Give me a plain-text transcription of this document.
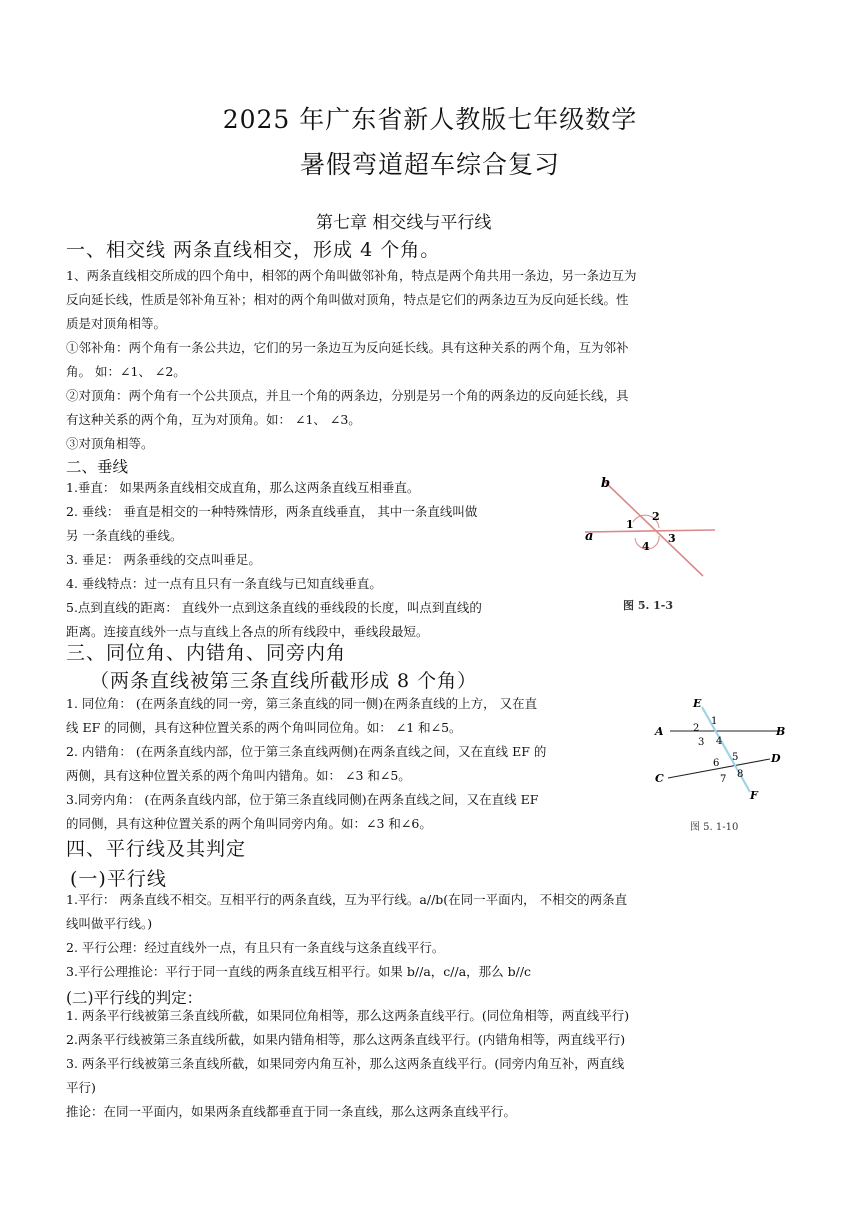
2025 年广东省新人教版七年级数学
暑假弯道超车综合复习
第七章 相交线与平行线
一、相交线 两条直线相交，形成 4 个角。
1、两条直线相交所成的四个角中，相邻的两个角叫做邻补角，特点是两个角共用一条边，另一条边互为
反向延长线，性质是邻补角互补；相对的两个角叫做对顶角，特点是它们的两条边互为反向延长线。性
质是对顶角相等。
①邻补角：两个角有一条公共边，它们的另一条边互为反向延长线。具有这种关系的两个角，互为邻补
角。 如：∠1、 ∠2。
②对顶角：两个角有一个公共顶点，并且一个角的两条边，分别是另一个角的两条边的反向延长线，具
有这种关系的两个角，互为对顶角。如： ∠1、 ∠3。
③对顶角相等。
二、垂线
1.垂直： 如果两条直线相交成直角，那么这两条直线互相垂直。
2. 垂线： 垂直是相交的一种特殊情形，两条直线垂直， 其中一条直线叫做
另 一条直线的垂线。
3. 垂足： 两条垂线的交点叫垂足。
4. 垂线特点：过一点有且只有一条直线与已知直线垂直。
5.点到直线的距离： 直线外一点到这条直线的垂线段的长度，叫点到直线的
距离。连接直线外一点与直线上各点的所有线段中，垂线段最短。
b
a
1
2
3
4
图 5. 1-3
三、同位角、内错角、同旁内角
（两条直线被第三条直线所截形成 8 个角）
1. 同位角： (在两条直线的同一旁，第三条直线的同一侧)在两条直线的上方， 又在直
线 EF 的同侧，具有这种位置关系的两个角叫同位角。如： ∠1 和∠5。
2. 内错角： (在两条直线内部，位于第三条直线两侧)在两条直线之间，又在直线 EF 的
两侧，具有这种位置关系的两个角叫内错角。如： ∠3 和∠5。
3.同旁内角： (在两条直线内部，位于第三条直线同侧)在两条直线之间，又在直线 EF
的同侧，具有这种位置关系的两个角叫同旁内角。如：∠3 和∠6。
E
A	B
C
D
F
1
2
3 4
5
6
7 8
图 5. 1-10
四、平行线及其判定
(一)平行线
1.平行： 两条直线不相交。互相平行的两条直线，互为平行线。a//b(在同一平面内， 不相交的两条直
线叫做平行线。)
2. 平行公理：经过直线外一点，有且只有一条直线与这条直线平行。
3.平行公理推论：平行于同一直线的两条直线互相平行。如果 b//a，c//a，那么 b//c
(二)平行线的判定：
1. 两条平行线被第三条直线所截，如果同位角相等，那么这两条直线平行。(同位角相等，两直线平行)
2.两条平行线被第三条直线所截，如果内错角相等，那么这两条直线平行。(内错角相等，两直线平行)
3. 两条平行线被第三条直线所截，如果同旁内角互补，那么这两条直线平行。(同旁内角互补，两直线
平行)
推论：在同一平面内，如果两条直线都垂直于同一条直线，那么这两条直线平行。
